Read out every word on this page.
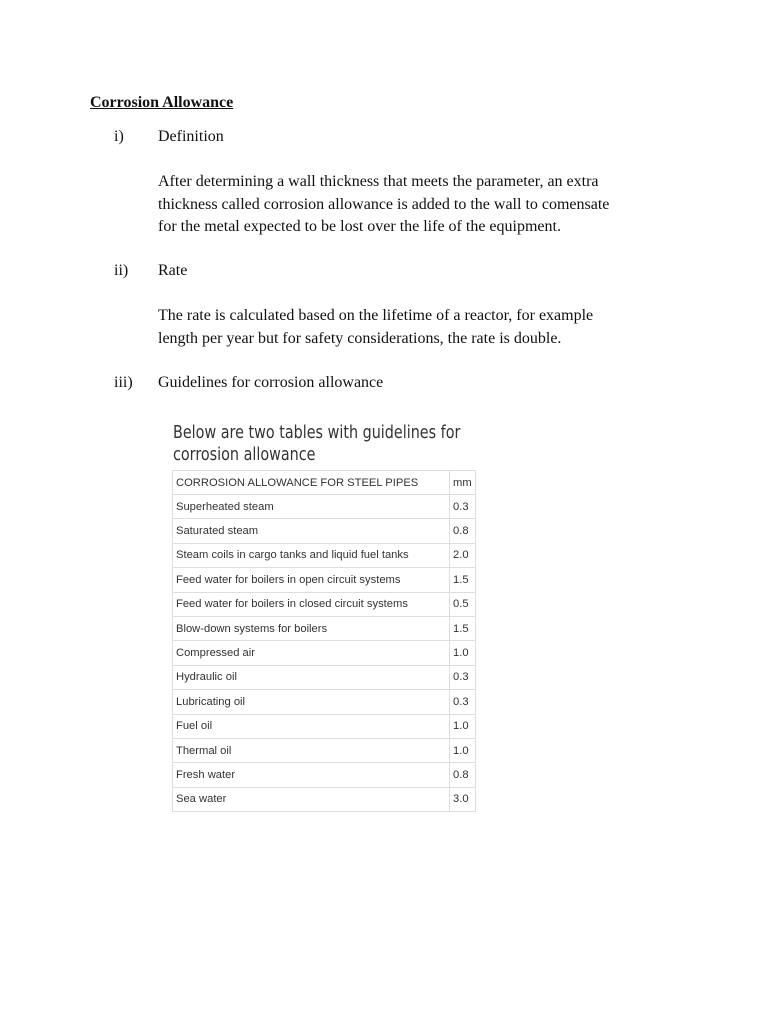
Corrosion Allowance
i) Definition
After determining a wall thickness that meets the parameter, an extra
thickness called corrosion allowance is added to the wall to comensate
for the metal expected to be lost over the life of the equipment.
ii) Rate
The rate is calculated based on the lifetime of a reactor, for example
length per year but for safety considerations, the rate is double.
iii) Guidelines for corrosion allowance
Below are two tables with guidelines for
corrosion allowance
CORROSION ALLOWANCE FOR STEEL PIPES	mm
Superheated steam	0.3
Saturated steam	0.8
Steam coils in cargo tanks and liquid fuel tanks	2.0
Feed water for boilers in open circuit systems	1.5
Feed water for boilers in closed circuit systems	0.5
Blow-down systems for boilers	1.5
Compressed air	1.0
Hydraulic oil	0.3
Lubricating oil	0.3
Fuel oil	1.0
Thermal oil	1.0
Fresh water	0.8
Sea water	3.0
